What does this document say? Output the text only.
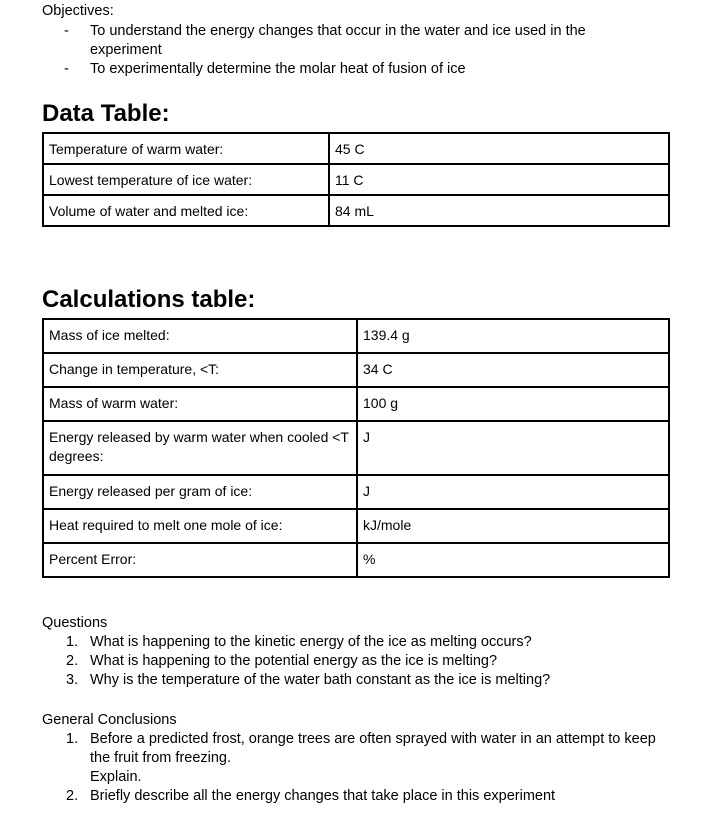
Objectives:

- To understand the energy changes that occur in the water and ice used in the experiment
- To experimentally determine the molar heat of fusion of ice
Data Table:
Temperature of warm water:	45 C
Lowest temperature of ice water:	11 C
Volume of water and melted ice:	84 mL
Calculations table:
Mass of ice melted:	139.4 g
Change in temperature, <T:	34 C
Mass of warm water:	100 g
Energy released by warm water when cooled <T degrees:	J
Energy released per gram of ice:	J
Heat required to melt one mole of ice:	kJ/mole
Percent Error:	%

Questions

1. What is happening to the kinetic energy of the ice as melting occurs?
2. What is happening to the potential energy as the ice is melting?
3. Why is the temperature of the water bath constant as the ice is melting?

General Conclusions

1. Before a predicted frost, orange trees are often sprayed with water in an attempt to keep the fruit from freezing.
Explain.
2. Briefly describe all the energy changes that take place in this experiment
